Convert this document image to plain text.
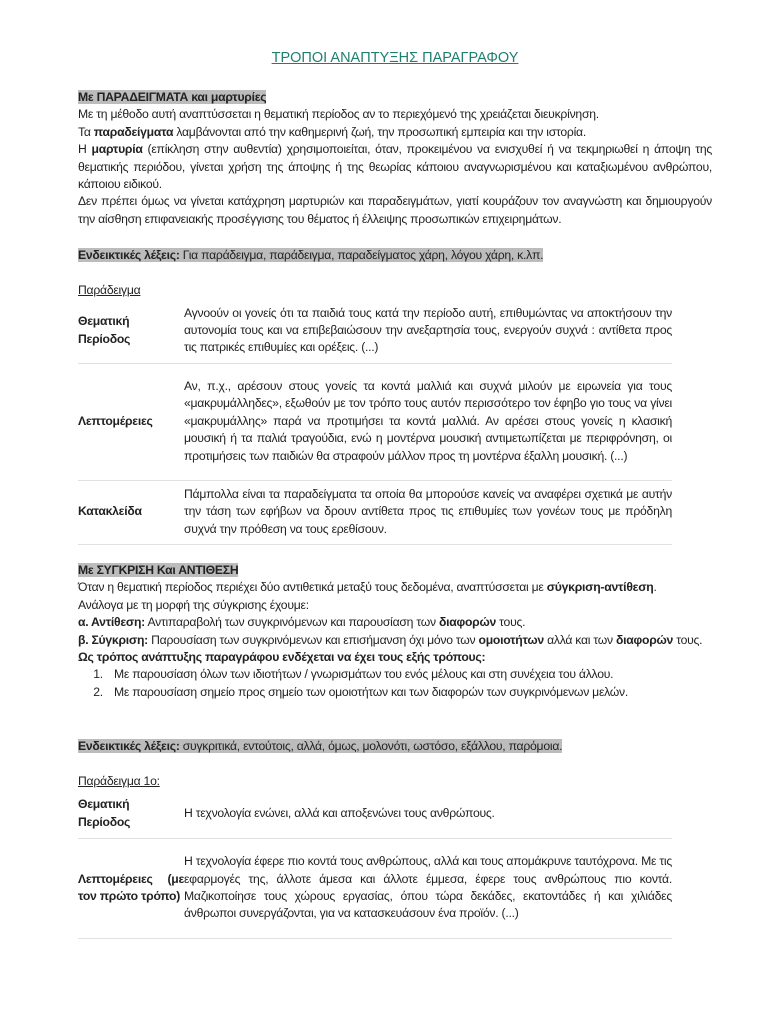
ΤΡΟΠΟΙ ΑΝΑΠΤΥΞΗΣ ΠΑΡΑΓΡΑΦΟΥ

Με ΠΑΡΑΔΕΙΓΜΑΤΑ και μαρτυρίες

Με τη μέθοδο αυτή αναπτύσσεται η θεματική περίοδος αν το περιεχόμενό της χρειάζεται διευκρίνηση.

Τα παραδείγματα λαμβάνονται από την καθημερινή ζωή, την προσωπική εμπειρία και την ιστορία.

Η μαρτυρία (επίκληση στην αυθεντία) χρησιμοποιείται, όταν, προκειμένου να ενισχυθεί ή να τεκμηριωθεί η άποψη της θεματικής περιόδου, γίνεται χρήση της άποψης ή της θεωρίας κάποιου αναγνωρισμένου και καταξιωμένου ανθρώπου, κάποιου ειδικού.

Δεν πρέπει όμως να γίνεται κατάχρηση μαρτυριών και παραδειγμάτων, γιατί κουράζουν τον αναγνώστη και δημιουργούν την αίσθηση επιφανειακής προσέγγισης του θέματος ή έλλειψης προσωπικών επιχειρημάτων.

Ενδεικτικές λέξεις: Για παράδειγμα, παράδειγμα, παραδείγματος χάρη, λόγου χάρη, κ.λπ.
Παράδειγμα
Θεματική Περίοδος	Αγνοούν οι γονείς ότι τα παιδιά τους κατά την περίοδο αυτή, επιθυμώντας να αποκτήσουν την αυτονομία τους και να επιβεβαιώσουν την ανεξαρτησία τους, ενεργούν συχνά : αντίθετα προς τις πατρικές επιθυμίες και ορέξεις. (...)
Λεπτομέρειες	Αν, π.χ., αρέσουν στους γονείς τα κοντά μαλλιά και συχνά μιλούν με ειρωνεία για τους «μακρυμάλληδες», εξωθούν με τον τρόπο τους αυτόν περισσότερο τον έφηβο γιο τους να γίνει «μακρυμάλλης» παρά να προτιμήσει τα κοντά μαλλιά. Αν αρέσει στους γονείς η κλασική μουσική ή τα παλιά τραγούδια, ενώ η μοντέρνα μουσική αντιμετωπίζεται με περιφρόνηση, οι προτιμήσεις των παιδιών θα στραφούν μάλλον προς τη μοντέρνα έξαλλη μουσική. (...)
Κατακλείδα	Πάμπολλα είναι τα παραδείγματα τα οποία θα μπορούσε κανείς να αναφέρει σχετικά με αυτήν την τάση των εφήβων να δρουν αντίθετα προς τις επιθυμίες των γονέων τους με πρόδηλη συχνά την πρόθεση να τους ερεθίσουν.

Με ΣΥΓΚΡΙΣΗ Και ΑΝΤΙΘΕΣΗ

Όταν η θεματική περίοδος περιέχει δύο αντιθετικά μεταξύ τους δεδομένα, αναπτύσσεται με σύγκριση-αντίθεση.

Ανάλογα με τη μορφή της σύγκρισης έχουμε:

α. Αντίθεση: Αντιπαραβολή των συγκρινόμενων και παρουσίαση των διαφορών τους.

β. Σύγκριση: Παρουσίαση των συγκρινόμενων και επισήμανση όχι μόνο των ομοιοτήτων αλλά και των διαφορών τους.

Ως τρόπος ανάπτυξης παραγράφου ενδέχεται να έχει τους εξής τρόπους:

1. Με παρουσίαση όλων των ιδιοτήτων / γνωρισμάτων του ενός μέλους και στη συνέχεια του άλλου.
2. Με παρουσίαση σημείο προς σημείο των ομοιοτήτων και των διαφορών των συγκρινόμενων μελών.
Ενδεικτικές λέξεις: συγκριτικά, εντούτοις, αλλά, όμως, μολονότι, ωστόσο, εξάλλου, παρόμοια.
Παράδειγμα 1ο:
Θεματική Περίοδος	Η τεχνολογία ενώνει, αλλά και αποξενώνει τους ανθρώπους.
Λεπτομέρειες (με τον πρώτο τρόπο)	Η τεχνολογία έφερε πιο κοντά τους ανθρώπους, αλλά και τους απομάκρυνε ταυτόχρονα. Με τις εφαρμογές της, άλλοτε άμεσα και άλλοτε έμμεσα, έφερε τους ανθρώπους πιο κοντά. Μαζικοποίησε τους χώρους εργασίας, όπου τώρα δεκάδες, εκατοντάδες ή και χιλιάδες άνθρωποι συνεργάζονται, για να κατασκευάσουν ένα προϊόν. (...)
